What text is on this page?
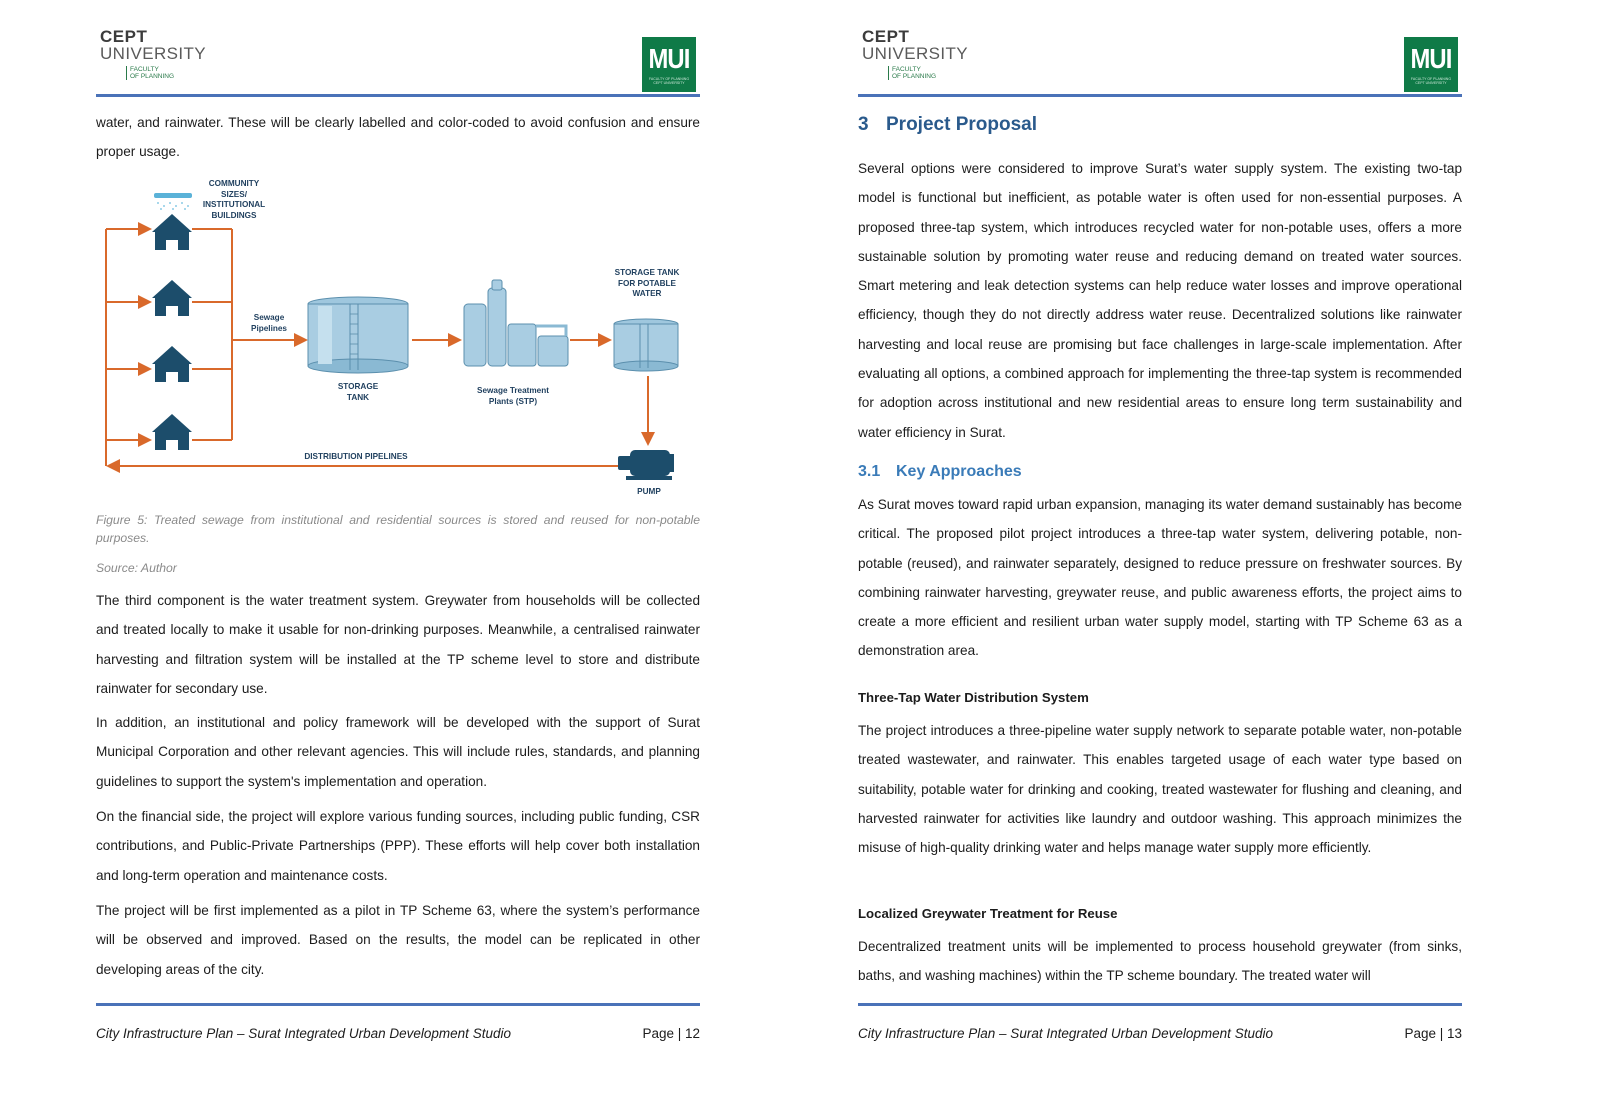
CEPT
UNIVERSITY
FACULTY
OF PLANNING
MUI
FACULTY OF PLANNING
CEPT UNIVERSITY

water, and rainwater. These will be clearly labelled and color-coded to avoid confusion and ensure proper usage.

COMMUNITY SIZES/ INSTITUTIONAL BUILDINGS
Sewage Pipelines
STORAGE TANK
Sewage Treatment Plants (STP)
STORAGE TANK FOR POTABLE WATER
PUMP
DISTRIBUTION PIPELINES

Figure 5: Treated sewage from institutional and residential sources is stored and reused for non-potable purposes.

Source: Author

The third component is the water treatment system. Greywater from households will be collected and treated locally to make it usable for non-drinking purposes. Meanwhile, a centralised rainwater harvesting and filtration system will be installed at the TP scheme level to store and distribute rainwater for secondary use.

In addition, an institutional and policy framework will be developed with the support of Surat Municipal Corporation and other relevant agencies. This will include rules, standards, and planning guidelines to support the system's implementation and operation.

On the financial side, the project will explore various funding sources, including public funding, CSR contributions, and Public-Private Partnerships (PPP). These efforts will help cover both installation and long-term operation and maintenance costs.

The project will be first implemented as a pilot in TP Scheme 63, where the system’s performance will be observed and improved. Based on the results, the model can be replicated in other developing areas of the city.

City Infrastructure Plan – Surat Integrated Urban Development Studio	Page | 12
CEPT
UNIVERSITY
FACULTY
OF PLANNING
MUI
FACULTY OF PLANNING
CEPT UNIVERSITY
3 Project Proposal

Several options were considered to improve Surat’s water supply system. The existing two-tap model is functional but inefficient, as potable water is often used for non-essential purposes. A proposed three-tap system, which introduces recycled water for non-potable uses, offers a more sustainable solution by promoting water reuse and reducing demand on treated water sources. Smart metering and leak detection systems can help reduce water losses and improve operational efficiency, though they do not directly address water reuse. Decentralized solutions like rainwater harvesting and local reuse are promising but face challenges in large-scale implementation. After evaluating all options, a combined approach for implementing the three-tap system is recommended for adoption across institutional and new residential areas to ensure long term sustainability and water efficiency in Surat.

3.1 Key Approaches

As Surat moves toward rapid urban expansion, managing its water demand sustainably has become critical. The proposed pilot project introduces a three-tap water system, delivering potable, non-potable (reused), and rainwater separately, designed to reduce pressure on freshwater sources. By combining rainwater harvesting, greywater reuse, and public awareness efforts, the project aims to create a more efficient and resilient urban water supply model, starting with TP Scheme 63 as a demonstration area.

Three-Tap Water Distribution System

The project introduces a three-pipeline water supply network to separate potable water, non-potable treated wastewater, and rainwater. This enables targeted usage of each water type based on suitability, potable water for drinking and cooking, treated wastewater for flushing and cleaning, and harvested rainwater for activities like laundry and outdoor washing. This approach minimizes the misuse of high-quality drinking water and helps manage water supply more efficiently.

Localized Greywater Treatment for Reuse

Decentralized treatment units will be implemented to process household greywater (from sinks, baths, and washing machines) within the TP scheme boundary. The treated water will

City Infrastructure Plan – Surat Integrated Urban Development Studio	Page | 13
